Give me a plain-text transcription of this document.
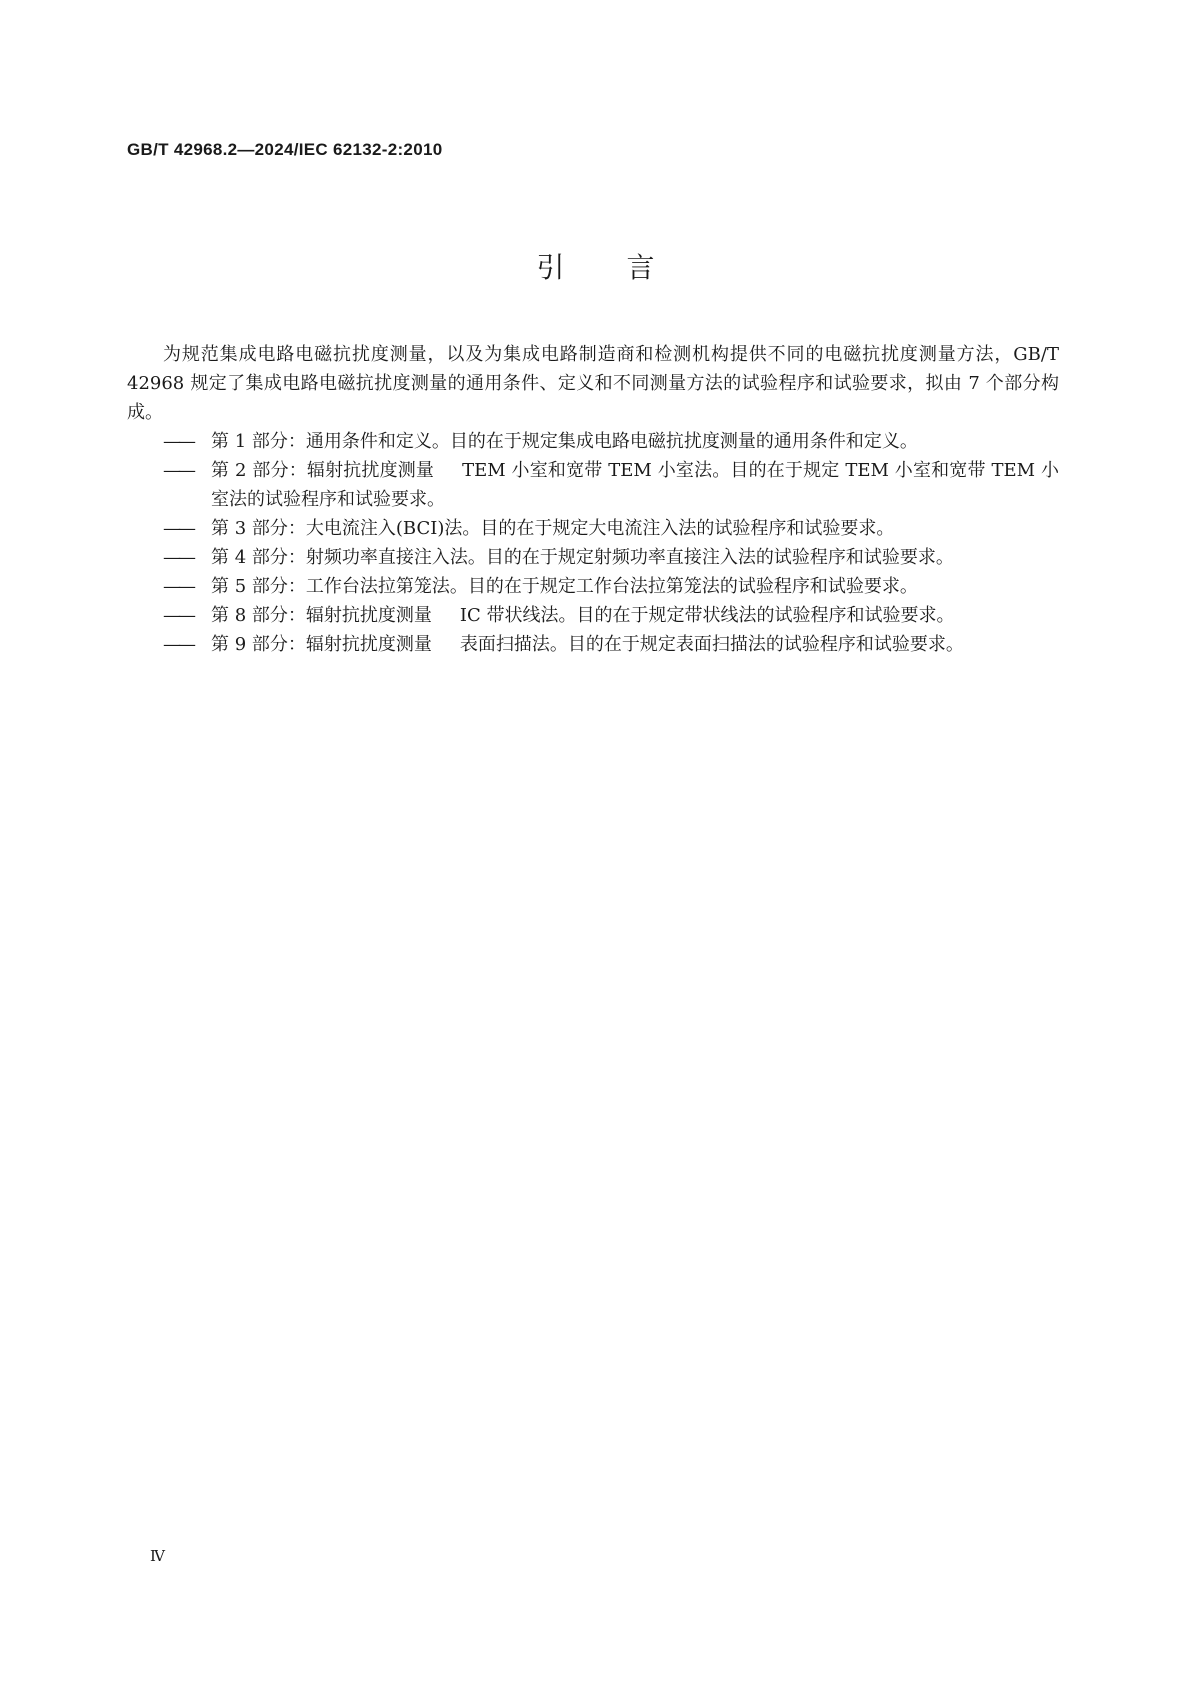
GB/T 42968.2—2024/IEC 62132-2:2010
引言

为规范集成电路电磁抗扰度测量，以及为集成电路制造商和检测机构提供不同的电磁抗扰度测量方法，GB/T 42968 规定了集成电路电磁抗扰度测量的通用条件、定义和不同测量方法的试验程序和试验要求，拟由 7 个部分构成。

—— 第 1 部分：通用条件和定义。目的在于规定集成电路电磁抗扰度测量的通用条件和定义。
—— 第 2 部分：辐射抗扰度测量 TEM 小室和宽带 TEM 小室法。目的在于规定 TEM 小室和宽带 TEM 小室法的试验程序和试验要求。
—— 第 3 部分：大电流注入(BCI)法。目的在于规定大电流注入法的试验程序和试验要求。
—— 第 4 部分：射频功率直接注入法。目的在于规定射频功率直接注入法的试验程序和试验要求。
—— 第 5 部分：工作台法拉第笼法。目的在于规定工作台法拉第笼法的试验程序和试验要求。
—— 第 8 部分：辐射抗扰度测量 IC 带状线法。目的在于规定带状线法的试验程序和试验要求。
—— 第 9 部分：辐射抗扰度测量 表面扫描法。目的在于规定表面扫描法的试验程序和试验要求。
Ⅳ
